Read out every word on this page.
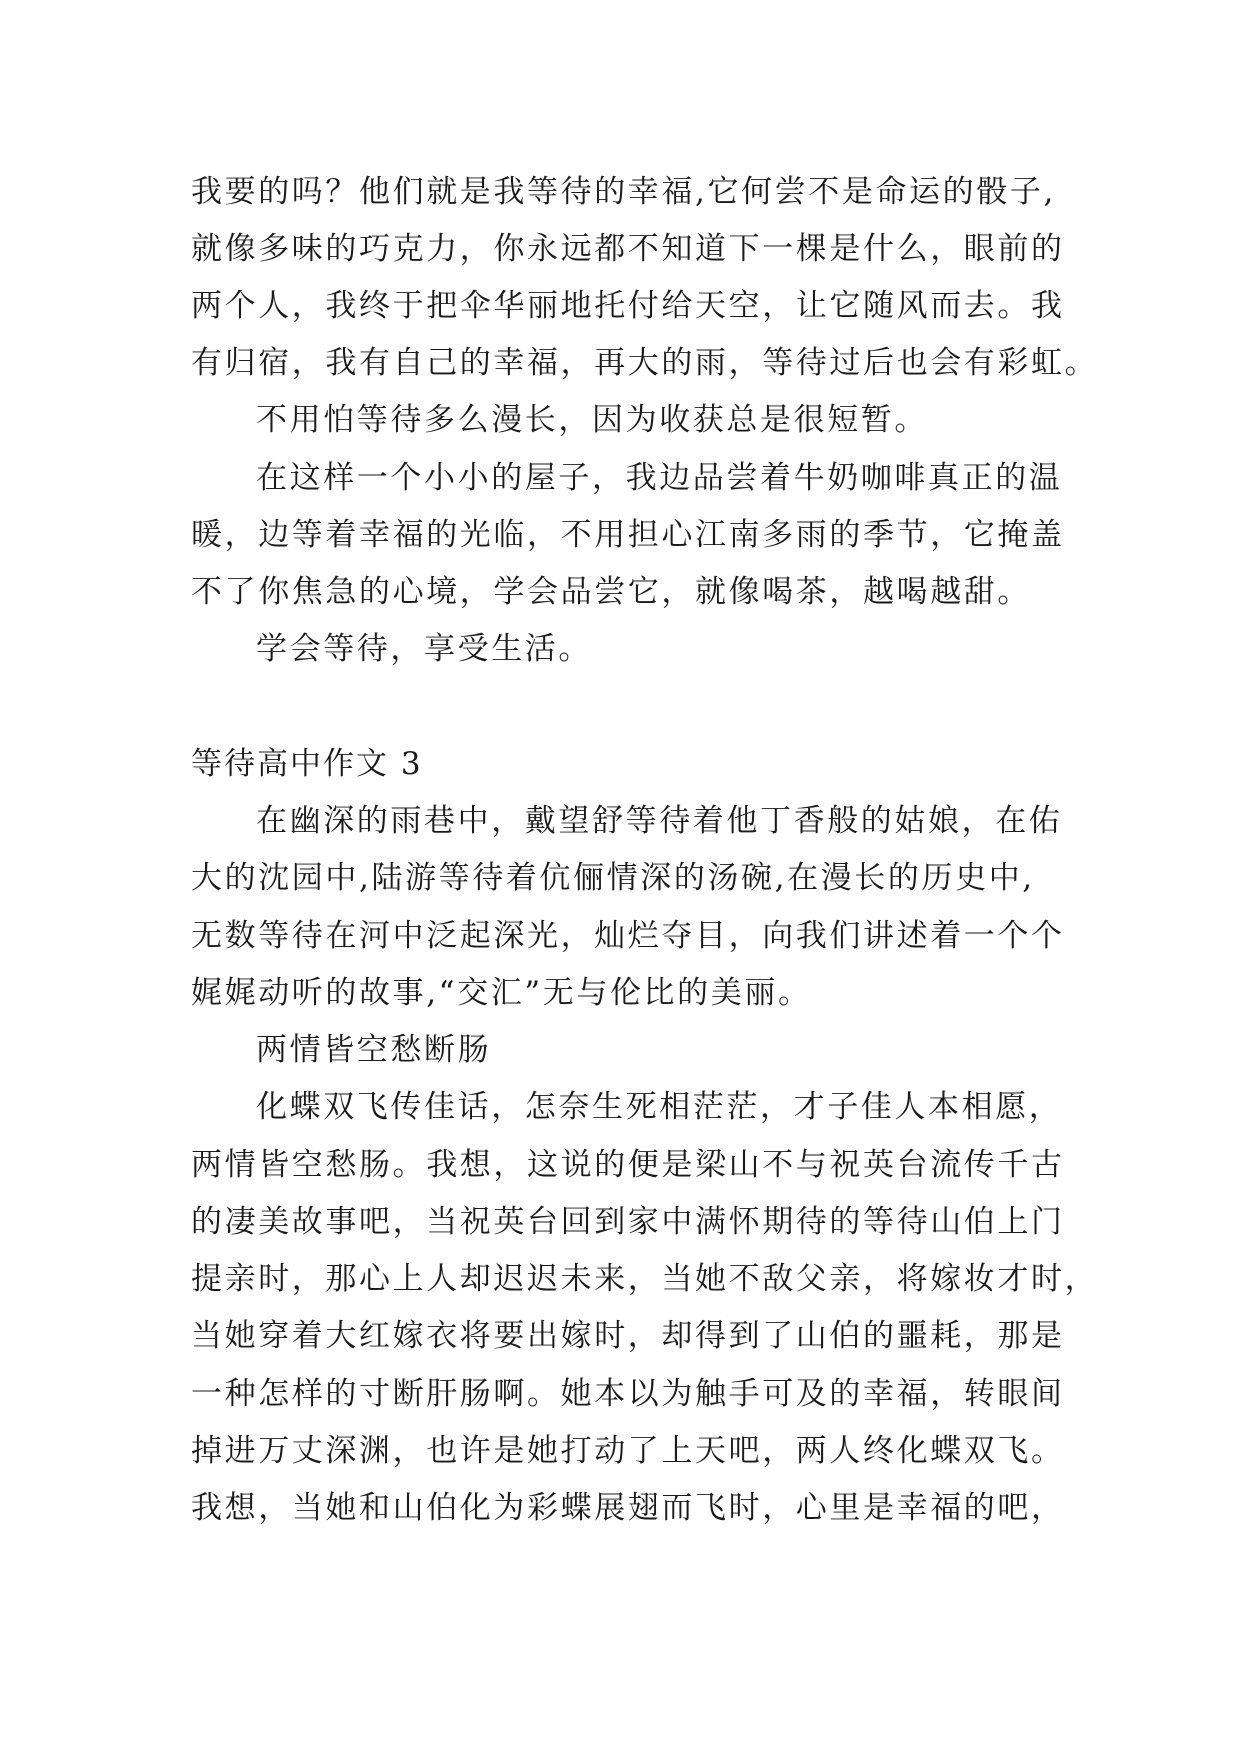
我要的吗？他们就是我等待的幸福,它何尝不是命运的骰子,
就像多味的巧克力，你永远都不知道下一棵是什么，眼前的
两个人，我终于把伞华丽地托付给天空，让它随风而去。我
有归宿，我有自己的幸福，再大的雨，等待过后也会有彩虹。
不用怕等待多么漫长，因为收获总是很短暂。
在这样一个小小的屋子，我边品尝着牛奶咖啡真正的温
暖，边等着幸福的光临，不用担心江南多雨的季节，它掩盖
不了你焦急的心境，学会品尝它，就像喝茶，越喝越甜。
学会等待，享受生活。
等待高中作文 3
在幽深的雨巷中，戴望舒等待着他丁香般的姑娘，在佑
大的沈园中,陆游等待着伉俪情深的汤碗,在漫长的历史中,
无数等待在河中泛起深光，灿烂夺目，向我们讲述着一个个
娓娓动听的故事,“交汇”无与伦比的美丽。
两情皆空愁断肠
化蝶双飞传佳话，怎奈生死相茫茫，才子佳人本相愿，
两情皆空愁肠。我想，这说的便是梁山不与祝英台流传千古
的凄美故事吧，当祝英台回到家中满怀期待的等待山伯上门
提亲时，那心上人却迟迟未来，当她不敌父亲，将嫁妆才时，
当她穿着大红嫁衣将要出嫁时，却得到了山伯的噩耗，那是
一种怎样的寸断肝肠啊。她本以为触手可及的幸福，转眼间
掉进万丈深渊，也许是她打动了上天吧，两人终化蝶双飞。
我想，当她和山伯化为彩蝶展翅而飞时，心里是幸福的吧，
